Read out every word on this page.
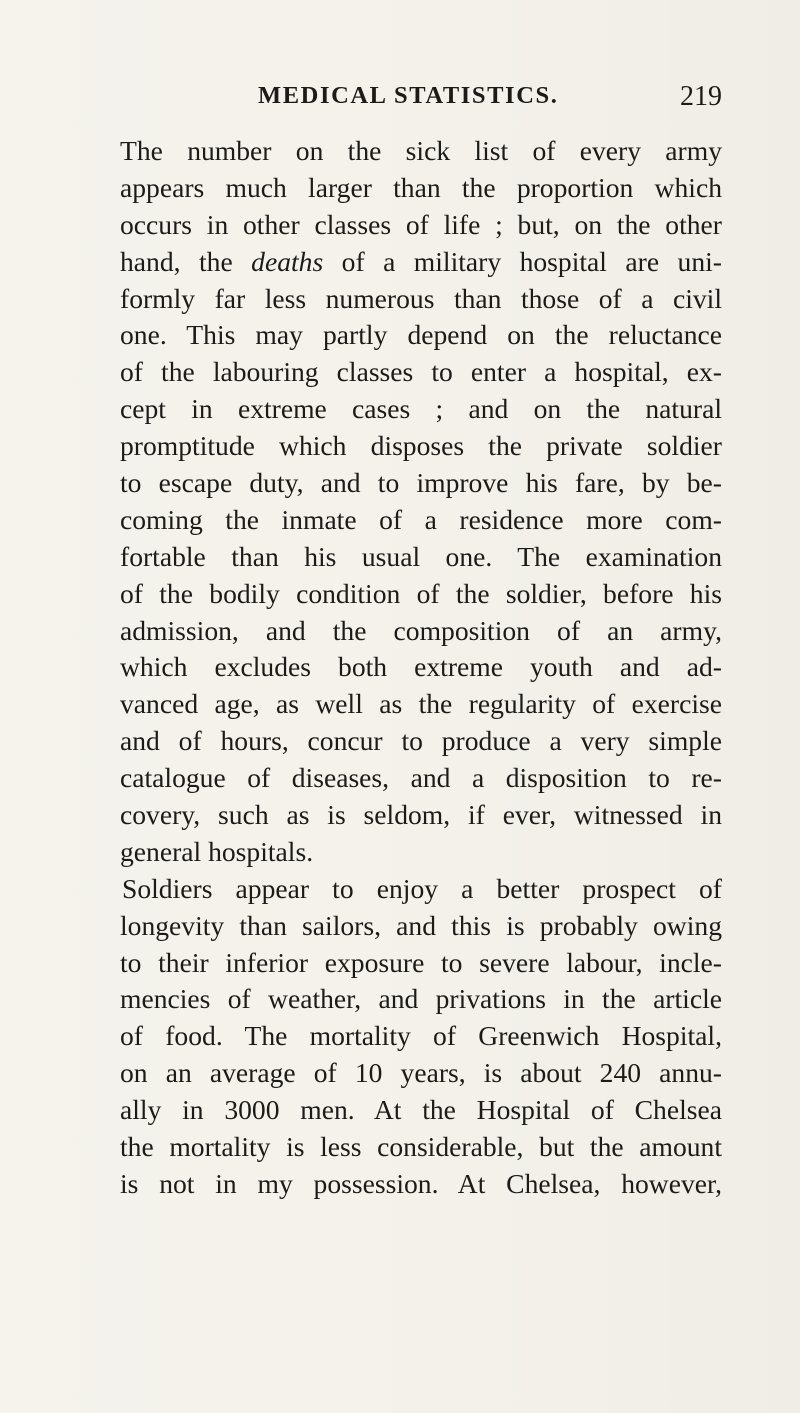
MEDICAL STATISTICS.	219
The number on the sick list of every army
appears much larger than the proportion which
occurs in other classes of life ; but, on the other
hand, the deaths of a military hospital are uni-
formly far less numerous than those of a civil
one. This may partly depend on the reluctance
of the labouring classes to enter a hospital, ex-
cept in extreme cases ; and on the natural
promptitude which disposes the private soldier
to escape duty, and to improve his fare, by be-
coming the inmate of a residence more com-
fortable than his usual one. The examination
of the bodily condition of the soldier, before his
admission, and the composition of an army,
which excludes both extreme youth and ad-
vanced age, as well as the regularity of exercise
and of hours, concur to produce a very simple
catalogue of diseases, and a disposition to re-
covery, such as is seldom, if ever, witnessed in
general hospitals.
Soldiers appear to enjoy a better prospect of
longevity than sailors, and this is probably owing
to their inferior exposure to severe labour, incle-
mencies of weather, and privations in the article
of food. The mortality of Greenwich Hospital,
on an average of 10 years, is about 240 annu-
ally in 3000 men. At the Hospital of Chelsea
the mortality is less considerable, but the amount
is not in my possession. At Chelsea, however,
